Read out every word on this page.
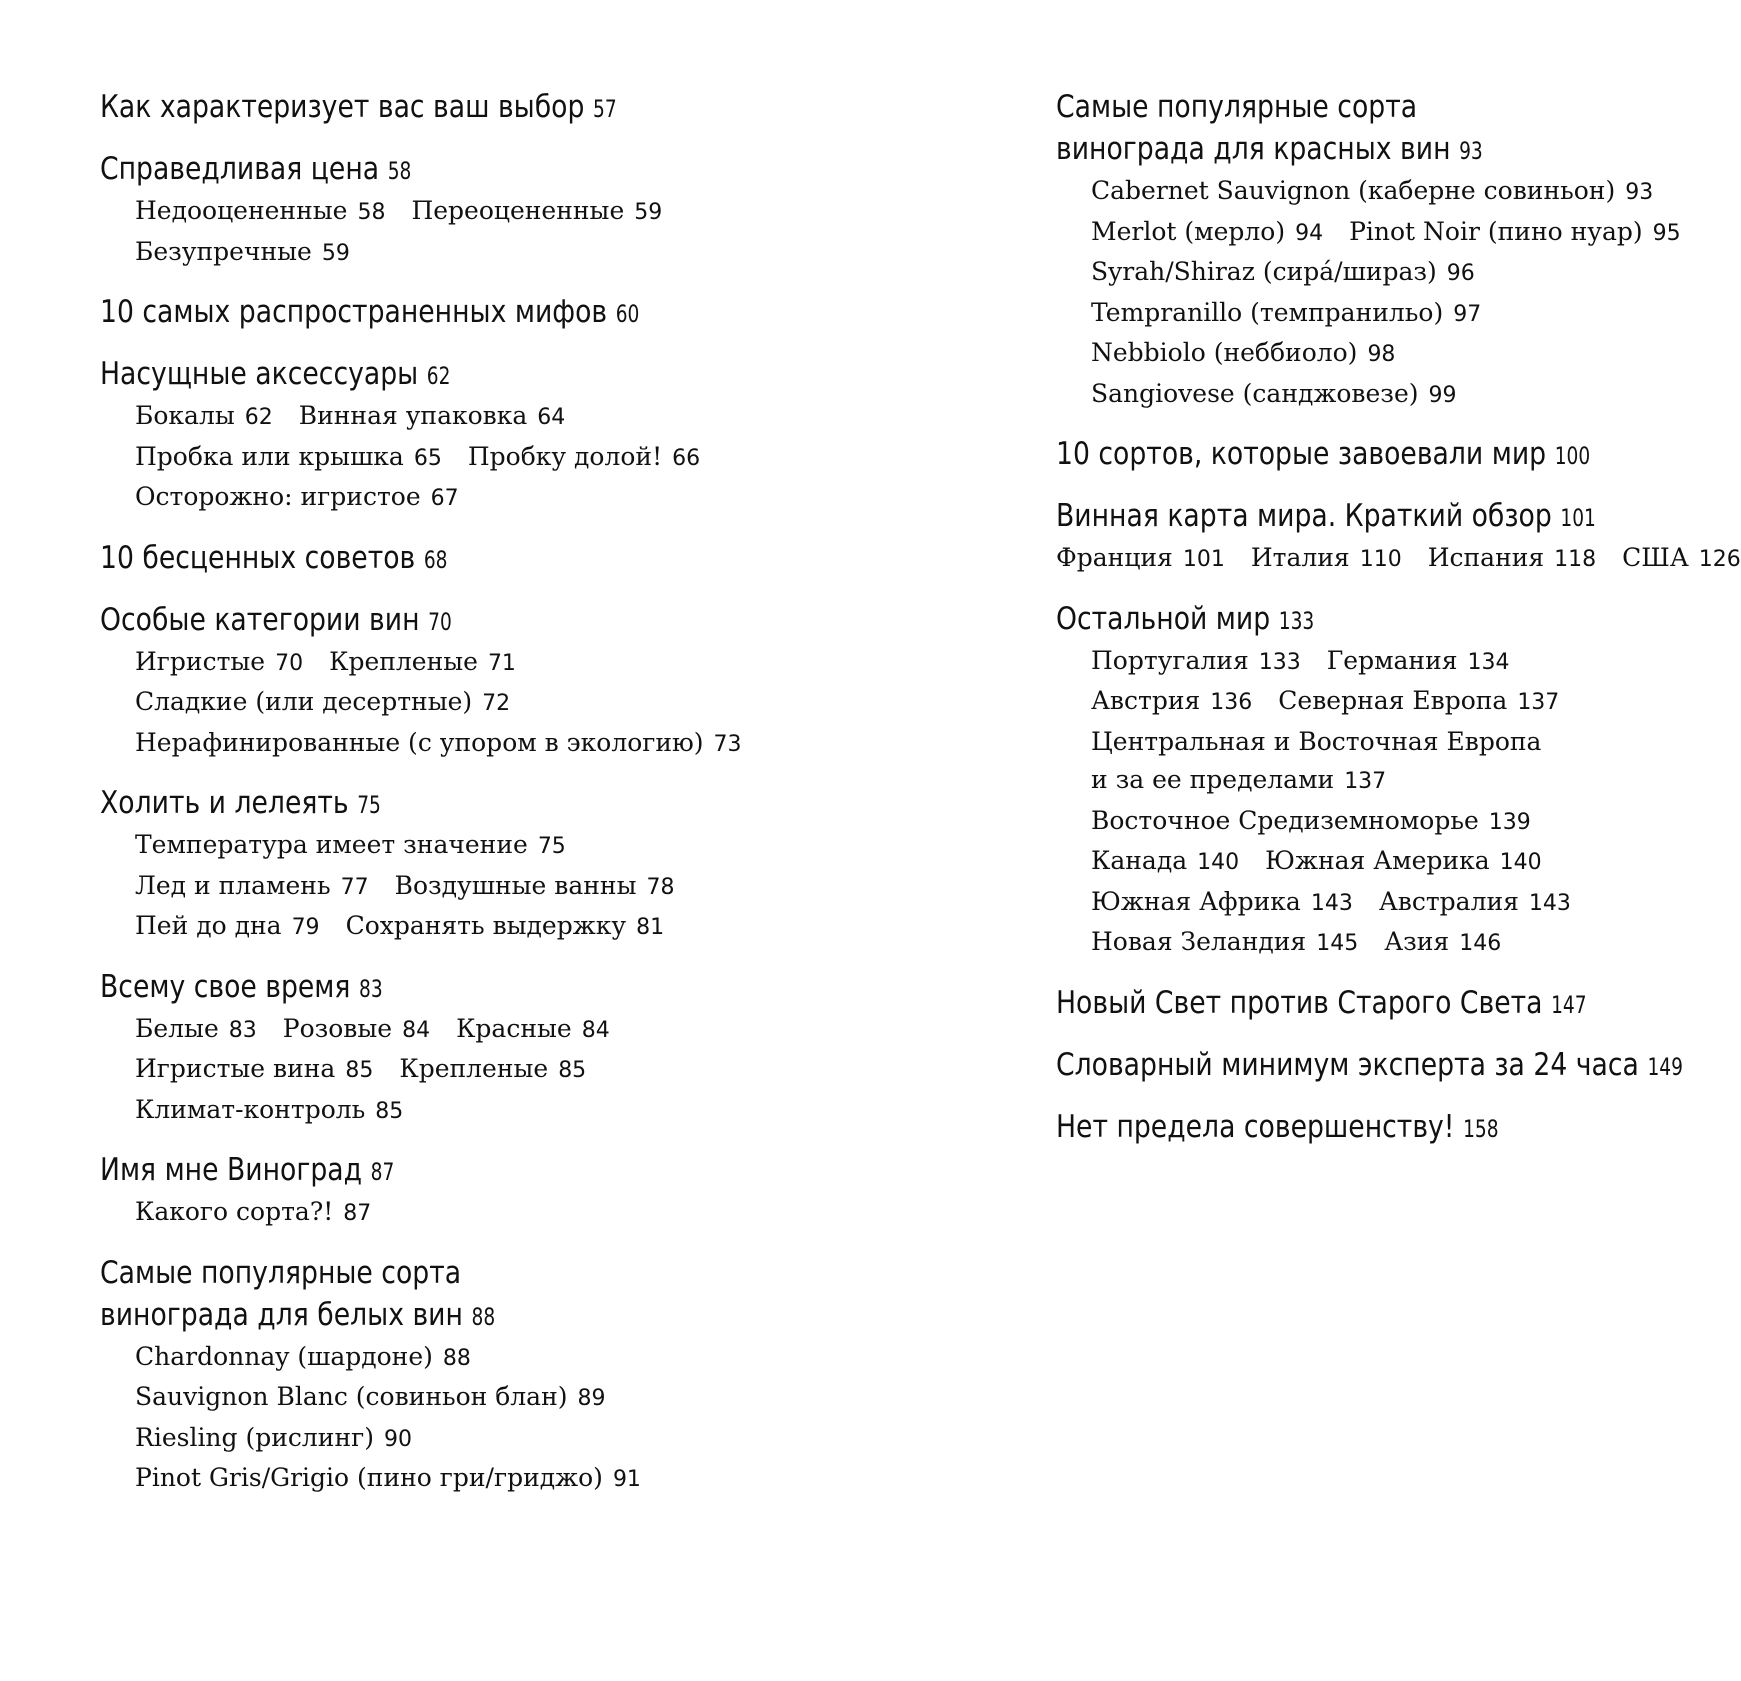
Как характеризует вас ваш выбор 57
Справедливая цена 58
Недооцененные 58 Переоцененные 59
Безупречные 59
10 самых распространенных мифов 60
Насущные аксессуары 62
Бокалы 62 Винная упаковка 64
Пробка или крышка 65 Пробку долой! 66
Осторожно: игристое 67
10 бесценных советов 68
Особые категории вин 70
Игристые 70 Крепленые 71
Сладкие (или десертные) 72
Нерафинированные (с упором в экологию) 73
Холить и лелеять 75
Температура имеет значение 75
Лед и пламень 77 Воздушные ванны 78
Пей до дна 79 Сохранять выдержку 81
Всему свое время 83
Белые 83 Розовые 84 Красные 84
Игристые вина 85 Крепленые 85
Климат-контроль 85
Имя мне Виноград 87
Какого сорта?! 87
Самые популярные сорта
винограда для белых вин 88
Chardonnay (шардоне) 88
Sauvignon Blanc (совиньон блан) 89
Riesling (рислинг) 90
Pinot Gris/Grigio (пино гри/гриджо) 91
Самые популярные сорта
винограда для красных вин 93
Cabernet Sauvignon (каберне совиньон) 93
Merlot (мерло) 94 Pinot Noir (пино нуар) 95
Syrah/Shiraz (сирá/шираз) 96
Tempranillo (темпранильо) 97
Nebbiolo (неббиоло) 98
Sangiovese (санджовезе) 99
10 сортов, которые завоевали мир 100
Винная карта мира. Краткий обзор 101
Франция 101 Италия 110 Испания 118 США 126
Остальной мир 133
Португалия 133 Германия 134
Австрия 136 Северная Европа 137
Центральная и Восточная Европа
и за ее пределами 137
Восточное Средиземноморье 139
Канада 140 Южная Америка 140
Южная Африка 143 Австралия 143
Новая Зеландия 145 Азия 146
Новый Свет против Старого Света 147
Словарный минимум эксперта за 24 часа 149
Нет предела совершенству! 158
